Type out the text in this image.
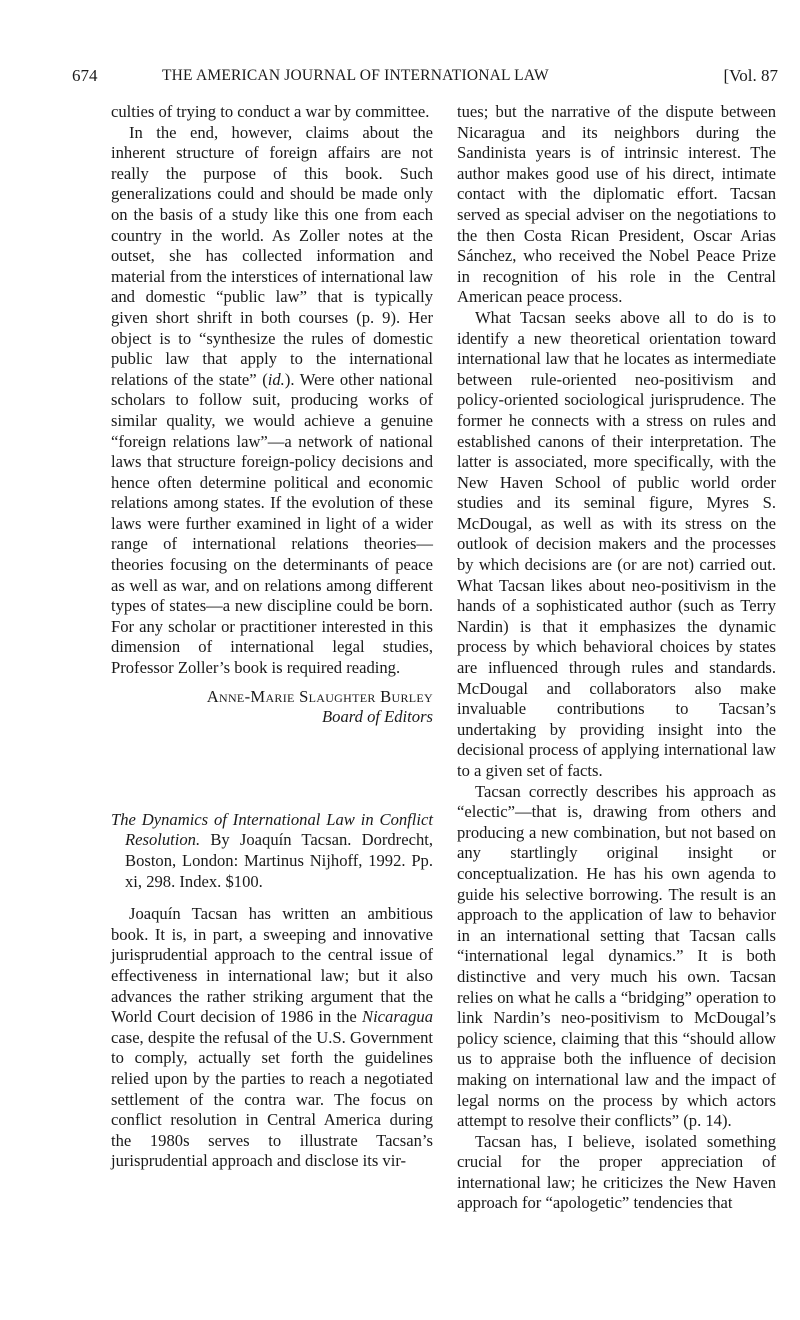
674	THE AMERICAN JOURNAL OF INTERNATIONAL LAW	[Vol. 87

culties of trying to conduct a war by committee.

In the end, however, claims about the inherent structure of foreign affairs are not really the purpose of this book. Such generalizations could and should be made only on the basis of a study like this one from each country in the world. As Zoller notes at the outset, she has collected information and material from the interstices of international law and domestic “public law” that is typically given short shrift in both courses (p. 9). Her object is to “synthesize the rules of domestic public law that apply to the international relations of the state” (id.). Were other national scholars to follow suit, producing works of similar quality, we would achieve a genuine “foreign relations law”—a network of national laws that structure foreign-policy decisions and hence often determine political and economic relations among states. If the evolution of these laws were further examined in light of a wider range of international relations theories—theories focusing on the determinants of peace as well as war, and on relations among different types of states—a new discipline could be born. For any scholar or practitioner interested in this dimension of international legal studies, Professor Zoller’s book is required reading.

Anne-Marie Slaughter Burley
Board of Editors

The Dynamics of International Law in Conflict Resolution. By Joaquín Tacsan. Dordrecht, Boston, London: Martinus Nijhoff, 1992. Pp. xi, 298. Index. $100.

Joaquín Tacsan has written an ambitious book. It is, in part, a sweeping and innovative jurisprudential approach to the central issue of effectiveness in international law; but it also advances the rather striking argument that the World Court decision of 1986 in the Nicaragua case, despite the refusal of the U.S. Government to comply, actually set forth the guidelines relied upon by the parties to reach a negotiated settlement of the contra war. The focus on conflict resolution in Central America during the 1980s serves to illustrate Tacsan’s jurisprudential approach and disclose its vir-

tues; but the narrative of the dispute between Nicaragua and its neighbors during the Sandinista years is of intrinsic interest. The author makes good use of his direct, intimate contact with the diplomatic effort. Tacsan served as special adviser on the negotiations to the then Costa Rican President, Oscar Arias Sánchez, who received the Nobel Peace Prize in recognition of his role in the Central American peace process.

What Tacsan seeks above all to do is to identify a new theoretical orientation toward international law that he locates as intermediate between rule-oriented neo-positivism and policy-oriented sociological jurisprudence. The former he connects with a stress on rules and established canons of their interpretation. The latter is associated, more specifically, with the New Haven School of public world order studies and its seminal figure, Myres S. McDougal, as well as with its stress on the outlook of decision makers and the processes by which decisions are (or are not) carried out. What Tacsan likes about neo-positivism in the hands of a sophisticated author (such as Terry Nardin) is that it emphasizes the dynamic process by which behavioral choices by states are influenced through rules and standards. McDougal and collaborators also make invaluable contributions to Tacsan’s undertaking by providing insight into the decisional process of applying international law to a given set of facts.

Tacsan correctly describes his approach as “electic”—that is, drawing from others and producing a new combination, but not based on any startlingly original insight or conceptualization. He has his own agenda to guide his selective borrowing. The result is an approach to the application of law to behavior in an international setting that Tacsan calls “international legal dynamics.” It is both distinctive and very much his own. Tacsan relies on what he calls a “bridging” operation to link Nardin’s neo-positivism to McDougal’s policy science, claiming that this “should allow us to appraise both the influence of decision making on international law and the impact of legal norms on the process by which actors attempt to resolve their conflicts” (p. 14).

Tacsan has, I believe, isolated something crucial for the proper appreciation of international law; he criticizes the New Haven approach for “apologetic” tendencies that
